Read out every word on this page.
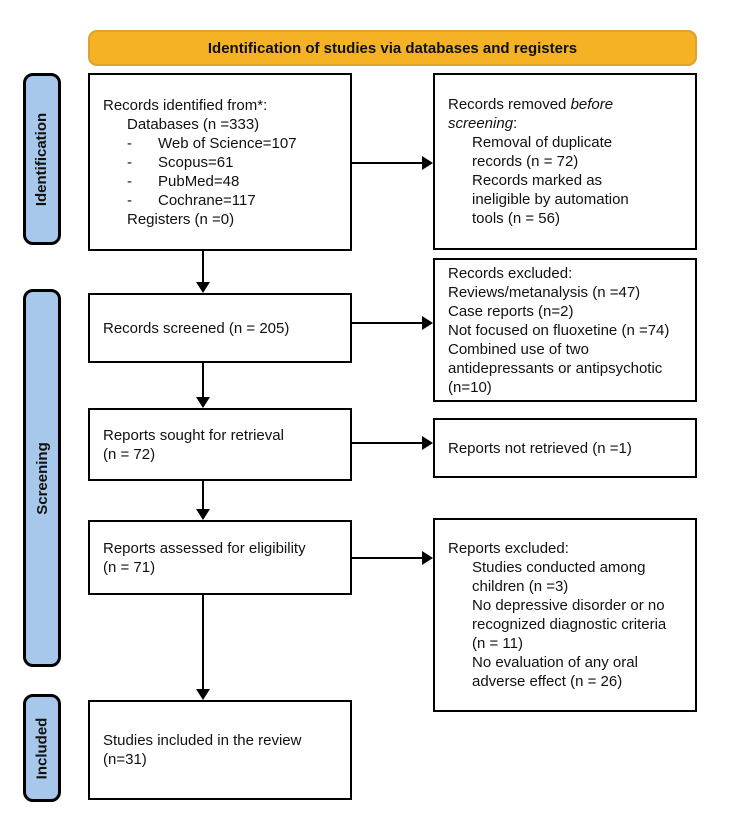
Identification of studies via databases and registers
Identification
Screening
Included
Records identified from*:
Databases (n =333)
-	Web of Science=107
-	Scopus=61
-	PubMed=48
-	Cochrane=117
Registers (n =0)
Records screened (n = 205)
Reports sought for retrieval
(n = 72)
Reports assessed for eligibility
(n = 71)
Studies included in the review
(n=31)
Records removed before screening:
Removal of duplicate records (n = 72)
Records marked as ineligible by automation tools (n = 56)
Records excluded:
Reviews/metanalysis (n =47)
Case reports (n=2)
Not focused on fluoxetine (n =74)
Combined use of two antidepressants or antipsychotic (n=10)
Reports not retrieved (n =1)
Reports excluded:
Studies conducted among children (n =3)
No depressive disorder or no recognized diagnostic criteria (n = 11)
No evaluation of any oral adverse effect (n = 26)
